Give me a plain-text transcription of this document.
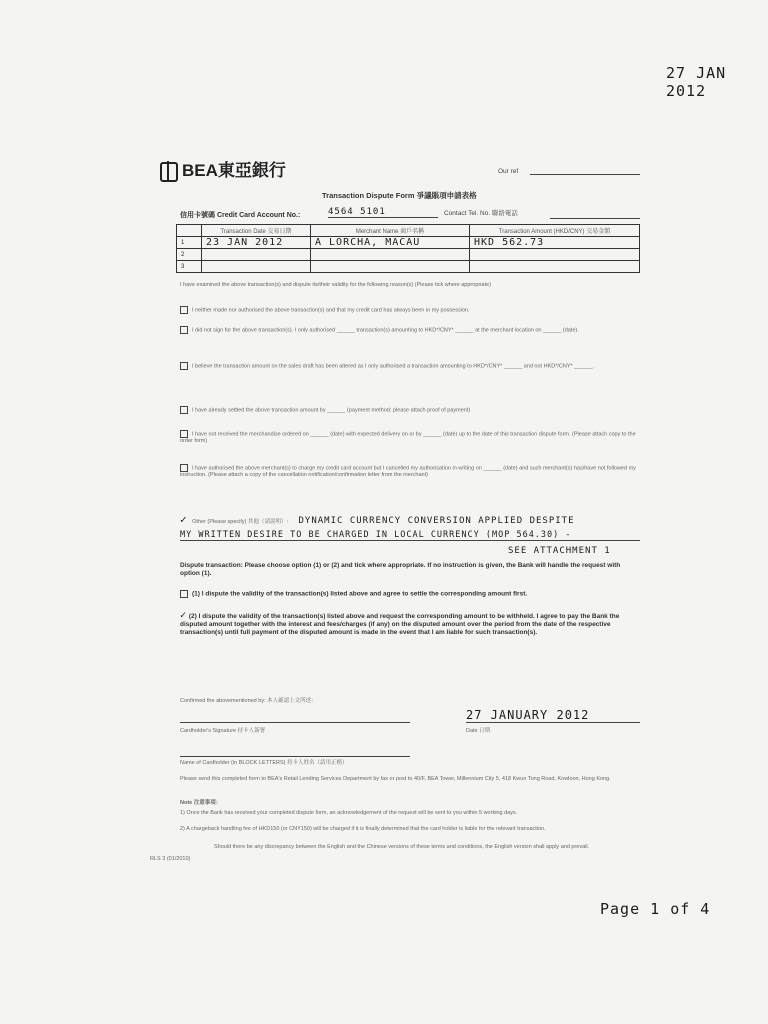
27 JAN 2012
BEA東亞銀行	Our ref
Transaction Dispute Form 爭議賬項申請表格
信用卡號碼 Credit Card Account No.:	4564 5101	Contact Tel. No. 聯絡電話
	Transaction Date 交易日期	Merchant Name 商戶名稱	Transaction Amount (HKD/CNY) 交易金額
1	23 JAN 2012	A LORCHA, MACAU	HKD 562.73
2			
3			
I have examined the above transaction(s) and dispute its/their validity for the following reason(s) (Please tick where appropriate)
I neither made nor authorised the above transaction(s) and that my credit card has always been in my possession.
I did not sign for the above transaction(s). I only authorised ______ transaction(s) amounting to HKD*/CNY* ______ at the merchant location on ______ (date).
I believe the transaction amount on the sales draft has been altered as I only authorised a transaction amounting to HKD*/CNY* ______ and not HKD*/CNY* ______.
I have already settled the above transaction amount by ______ (payment method: please attach proof of payment)
I have not received the merchandise ordered on ______ (date) with expected delivery on or by ______ (date) up to the date of this transaction dispute form. (Please attach copy to the order form)
I have authorised the above merchant(s) to charge my credit card account but I cancelled my authorisation in writing on ______ (date) and such merchant(s) has/have not followed my instruction. (Please attach a copy of the cancellation notification/confirmation letter from the merchant)
✓ Other (Please specify) 其他（請說明）: DYNAMIC CURRENCY CONVERSION APPLIED DESPITE
MY WRITTEN DESIRE TO BE CHARGED IN LOCAL CURRENCY (MOP 564.30) -
SEE ATTACHMENT 1
Dispute transaction: Please choose option (1) or (2) and tick where appropriate. If no instruction is given, the Bank will handle the request with option (1).
(1) I dispute the validity of the transaction(s) listed above and agree to settle the corresponding amount first.
✓ (2) I dispute the validity of the transaction(s) listed above and request the corresponding amount to be withheld. I agree to pay the Bank the disputed amount together with the interest and fees/charges (if any) on the disputed amount over the period from the date of the respective transaction(s) until full payment of the disputed amount is made in the event that I am liable for such transaction(s).
Confirmed the abovementioned by: 本人確認上文所述：
Cardholder's Signature 持卡人簽署
27 JANUARY 2012
Date 日期
Name of Cardholder (in BLOCK LETTERS) 持卡人姓名（請用正楷）
Please send this completed form to BEA's Retail Lending Services Department by fax or post to 40/F, BEA Tower, Millennium City 5, 418 Kwun Tong Road, Kowloon, Hong Kong.
Note 注意事項：
1) Once the Bank has received your completed dispute form, an acknowledgement of the request will be sent to you within 5 working days.
2) A chargeback handling fee of HKD150 (or CNY150) will be charged if it is finally determined that the card holder is liable for the relevant transaction.
Should there be any discrepancy between the English and the Chinese versions of these terms and conditions, the English version shall apply and prevail.
RLS 3 (01/2010)
Page 1 of 4
